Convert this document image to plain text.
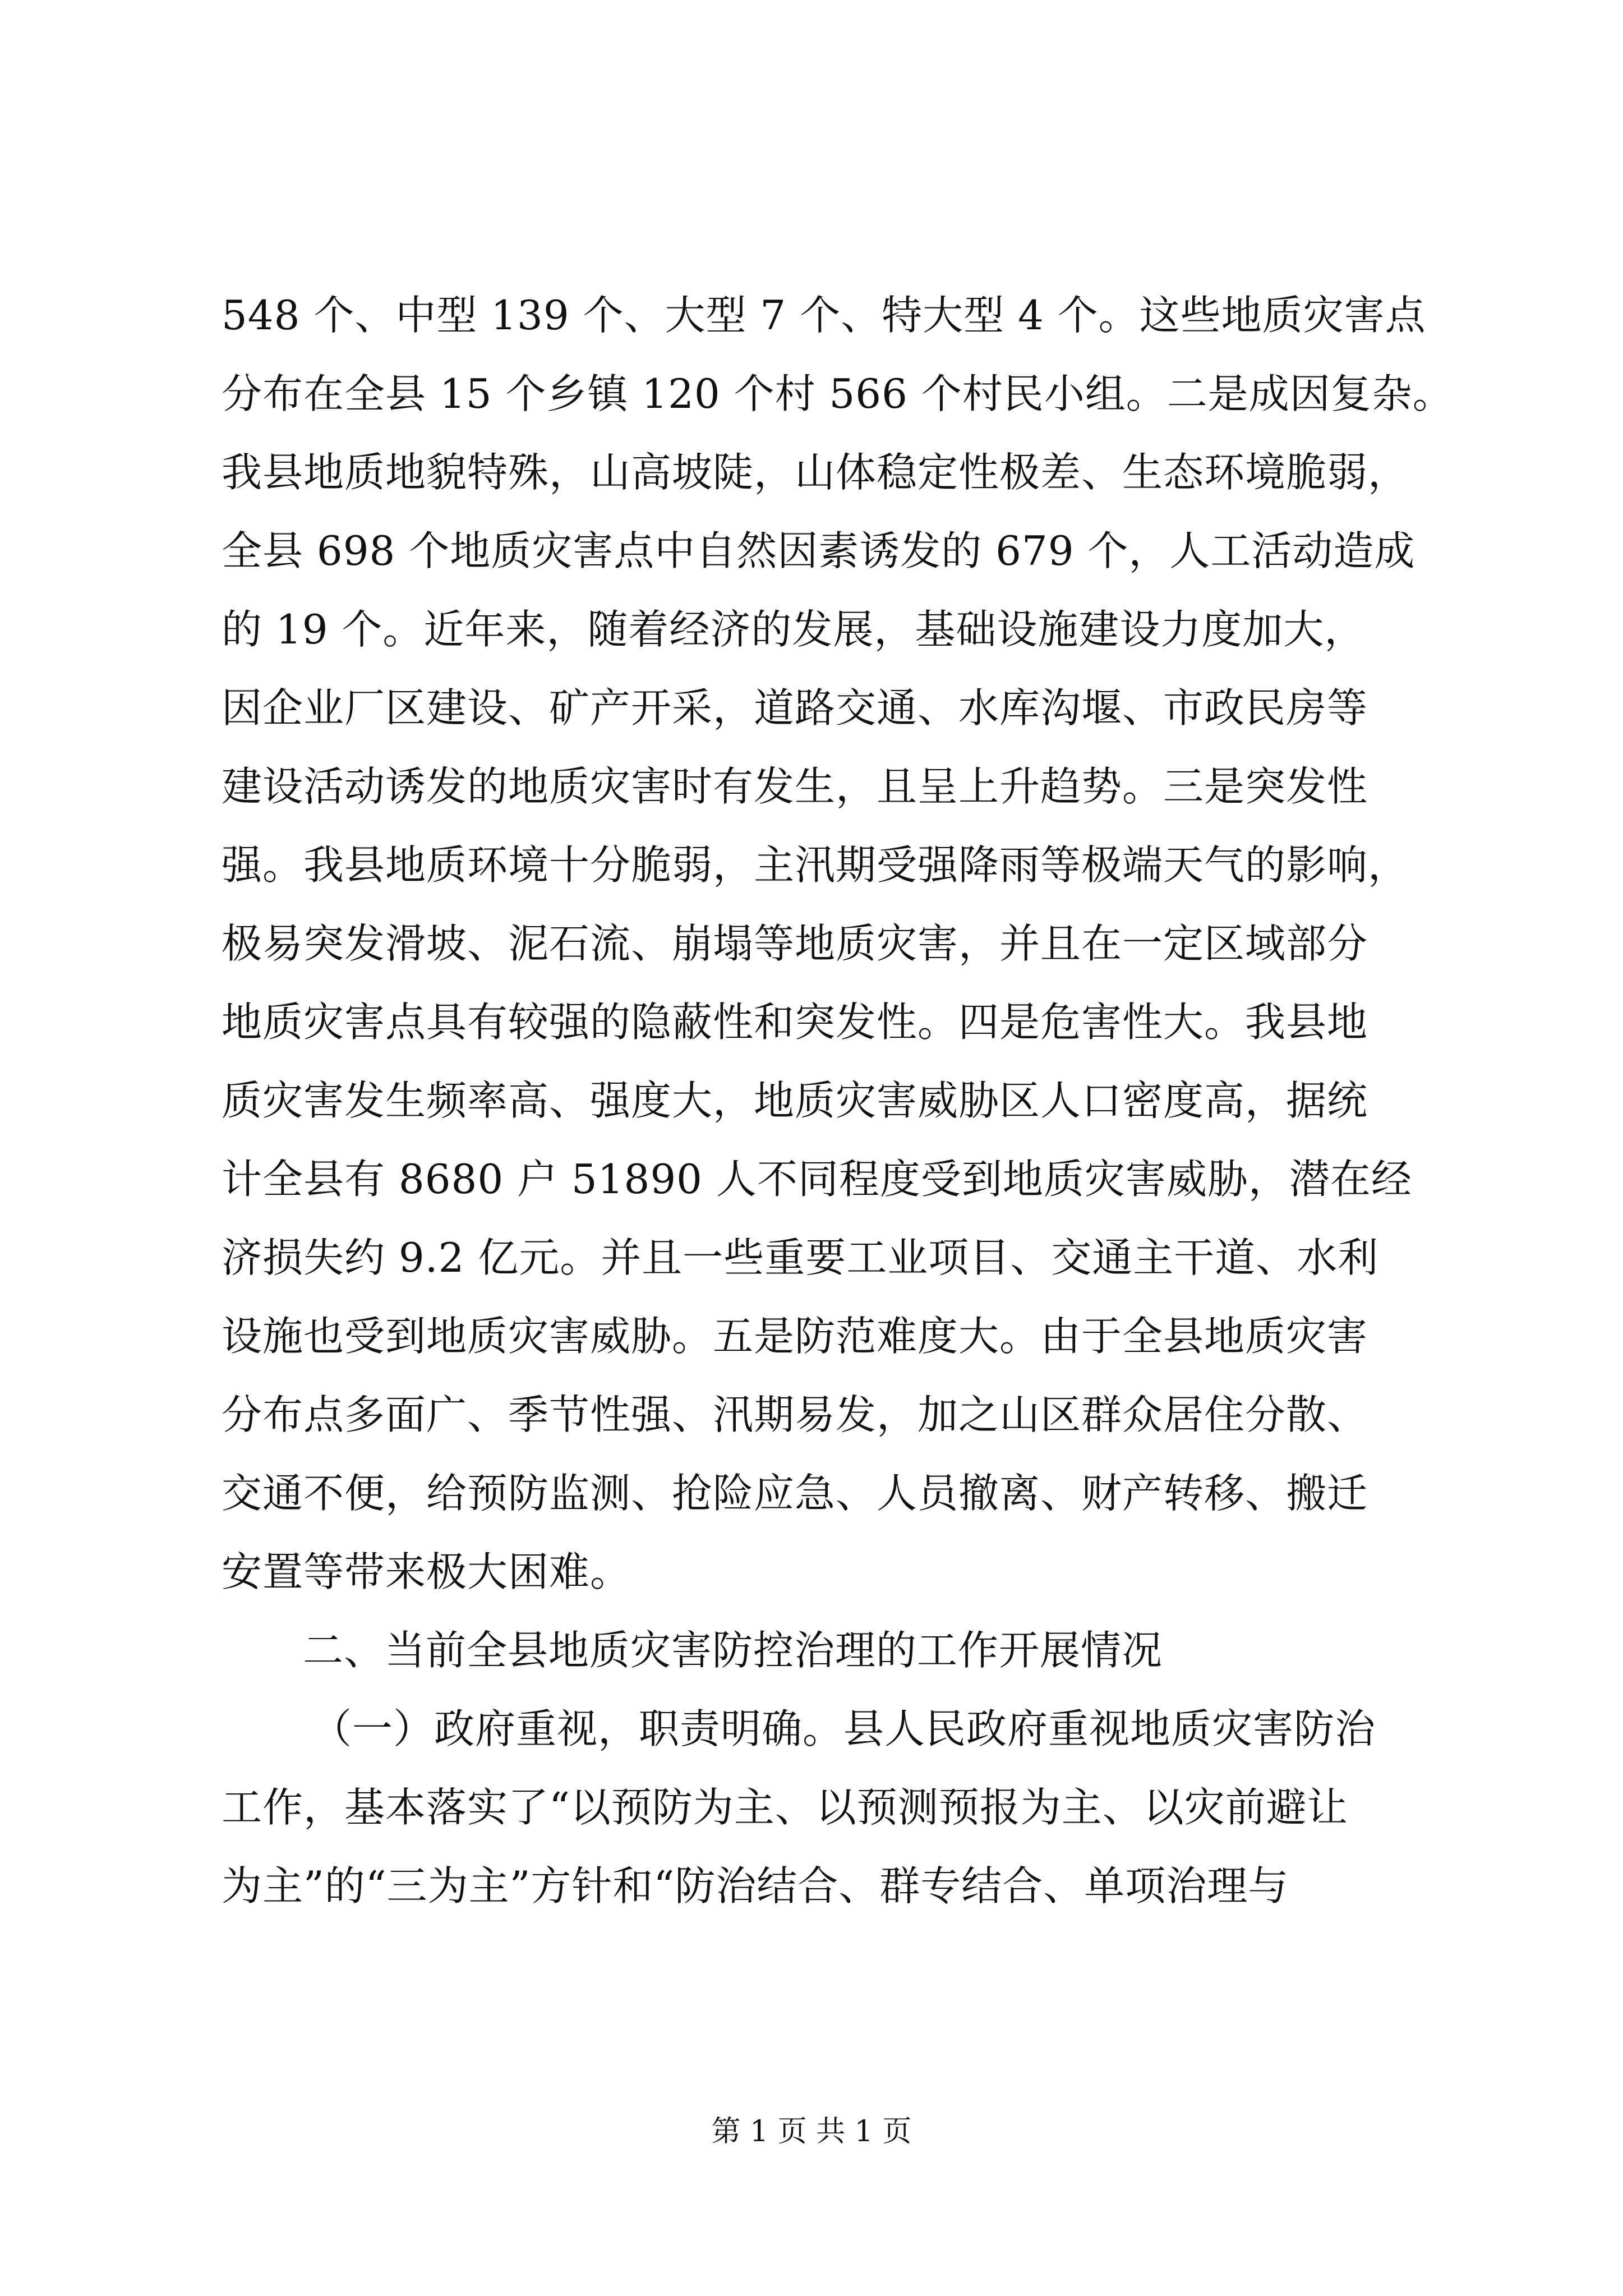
548 个、中型 139 个、大型 7 个、特大型 4 个。这些地质灾害点
分布在全县 15 个乡镇 120 个村 566 个村民小组。二是成因复杂。
我县地质地貌特殊，山高坡陡，山体稳定性极差、生态环境脆弱，
全县 698 个地质灾害点中自然因素诱发的 679 个，人工活动造成
的 19 个。近年来，随着经济的发展，基础设施建设力度加大，
因企业厂区建设、矿产开采，道路交通、水库沟堰、市政民房等
建设活动诱发的地质灾害时有发生，且呈上升趋势。三是突发性
强。我县地质环境十分脆弱，主汛期受强降雨等极端天气的影响，
极易突发滑坡、泥石流、崩塌等地质灾害，并且在一定区域部分
地质灾害点具有较强的隐蔽性和突发性。四是危害性大。我县地
质灾害发生频率高、强度大，地质灾害威胁区人口密度高，据统
计全县有 8680 户 51890 人不同程度受到地质灾害威胁，潜在经
济损失约 9.2 亿元。并且一些重要工业项目、交通主干道、水利
设施也受到地质灾害威胁。五是防范难度大。由于全县地质灾害
分布点多面广、季节性强、汛期易发，加之山区群众居住分散、
交通不便，给预防监测、抢险应急、人员撤离、财产转移、搬迁
安置等带来极大困难。
二、当前全县地质灾害防控治理的工作开展情况
（一）政府重视，职责明确。县人民政府重视地质灾害防治
工作，基本落实了“以预防为主、以预测预报为主、以灾前避让
为主”的“三为主”方针和“防治结合、群专结合、单项治理与
第 1 页 共 1 页
